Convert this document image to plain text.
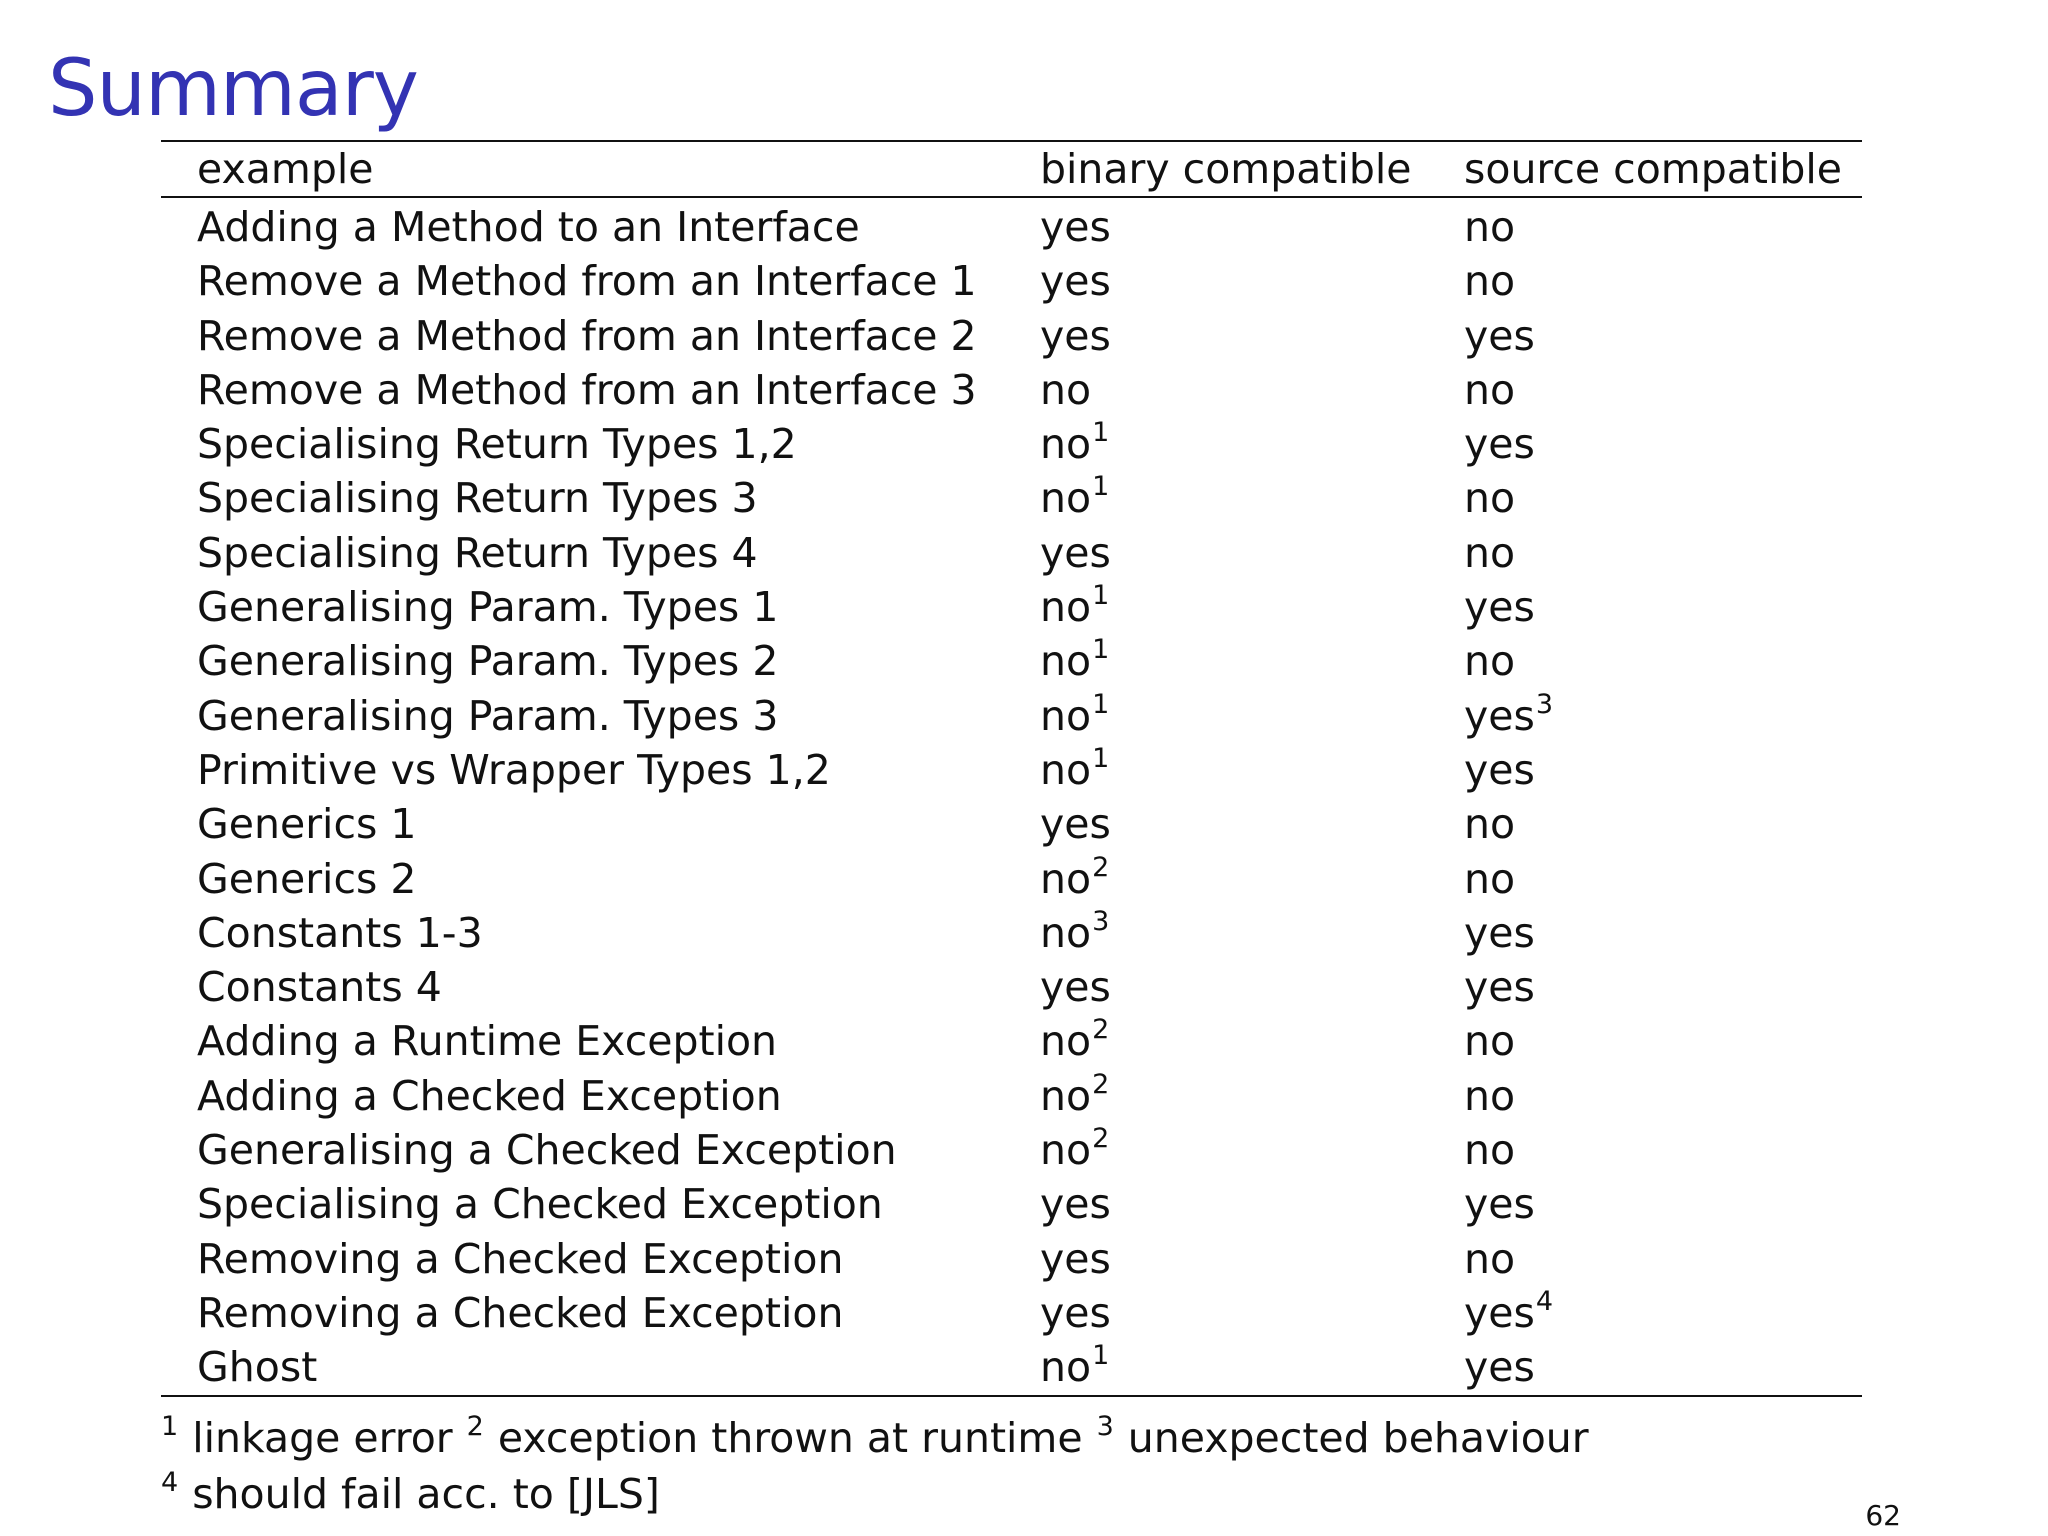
Summary
example	binary compatible	source compatible
Adding a Method to an Interface	yes	no
Remove a Method from an Interface 1	yes	no
Remove a Method from an Interface 2	yes	yes
Remove a Method from an Interface 3	no	no
Specialising Return Types 1,2	$no^1$	yes
Specialising Return Types 3	$no^1$	no
Specialising Return Types 4	yes	no
Generalising Param. Types 1	$no^1$	yes
Generalising Param. Types 2	$no^1$	no
Generalising Param. Types 3	$no^1$	yes$^3$
Primitive vs Wrapper Types 1,2	$no^1$	yes
Generics 1	yes	no
Generics 2	$no^2$	no
Constants 1-3	$no^3$	yes
Constants 4	yes	yes
Adding a Runtime Exception	$no^2$	no
Adding a Checked Exception	$no^2$	no
Generalising a Checked Exception	$no^2$	no
Specialising a Checked Exception	yes	yes
Removing a Checked Exception	yes	no
Removing a Checked Exception	yes	yes$^4$
Ghost	$no^1$	yes
$^1$ linkage error $^2$ exception thrown at runtime $^3$ unexpected behaviour
$^4$ should fail acc. to [JLS]	62
